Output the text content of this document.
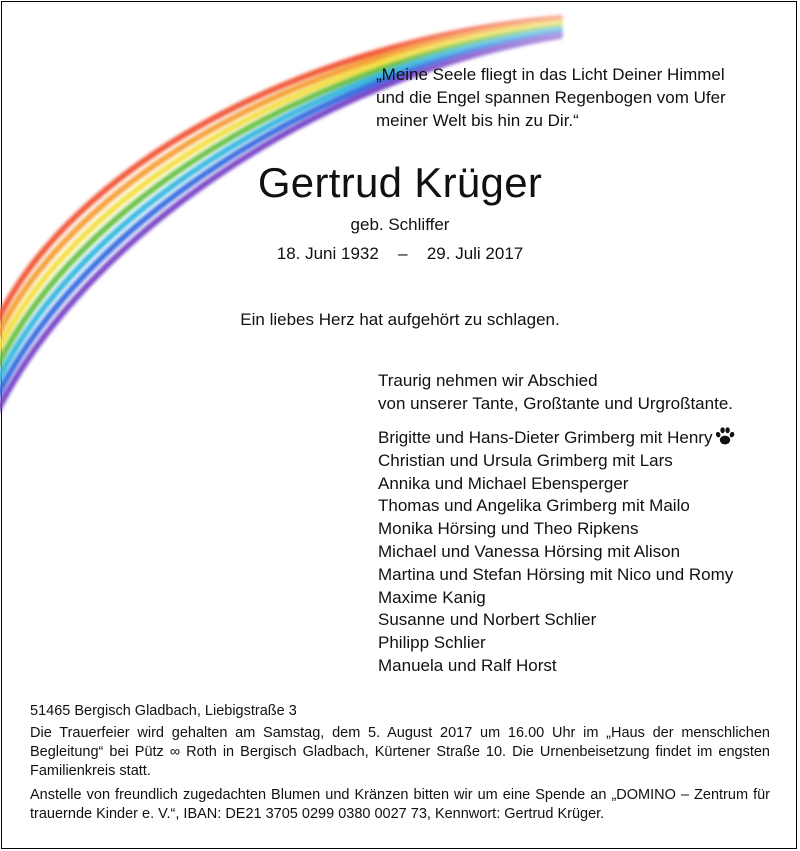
„Meine Seele fliegt in das Licht Deiner Himmel
und die Engel spannen Regenbogen vom Ufer
meiner Welt bis hin zu Dir.“
Gertrud Krüger
geb. Schliffer
18. Juni 1932 – 29. Juli 2017
Ein liebes Herz hat aufgehört zu schlagen.
Traurig nehmen wir Abschied
von unserer Tante, Großtante und Urgroßtante.
Brigitte und Hans-Dieter Grimberg mit Henry
Christian und Ursula Grimberg mit Lars
Annika und Michael Ebensperger
Thomas und Angelika Grimberg mit Mailo
Monika Hörsing und Theo Ripkens
Michael und Vanessa Hörsing mit Alison
Martina und Stefan Hörsing mit Nico und Romy
Maxime Kanig
Susanne und Norbert Schlier
Philipp Schlier
Manuela und Ralf Horst
51465 Bergisch Gladbach, Liebigstraße 3

Die Trauerfeier wird gehalten am Samstag, dem 5. August 2017 um 16.00 Uhr im „Haus der menschlichen Begleitung“ bei Pütz ∞ Roth in Bergisch Gladbach, Kürtener Straße 10. Die Urnenbeisetzung findet im engsten Familienkreis statt.

Anstelle von freundlich zugedachten Blumen und Kränzen bitten wir um eine Spende an „DOMINO – Zentrum für trauernde Kinder e. V.“, IBAN: DE21 3705 0299 0380 0027 73, Kennwort: Gertrud Krüger.
